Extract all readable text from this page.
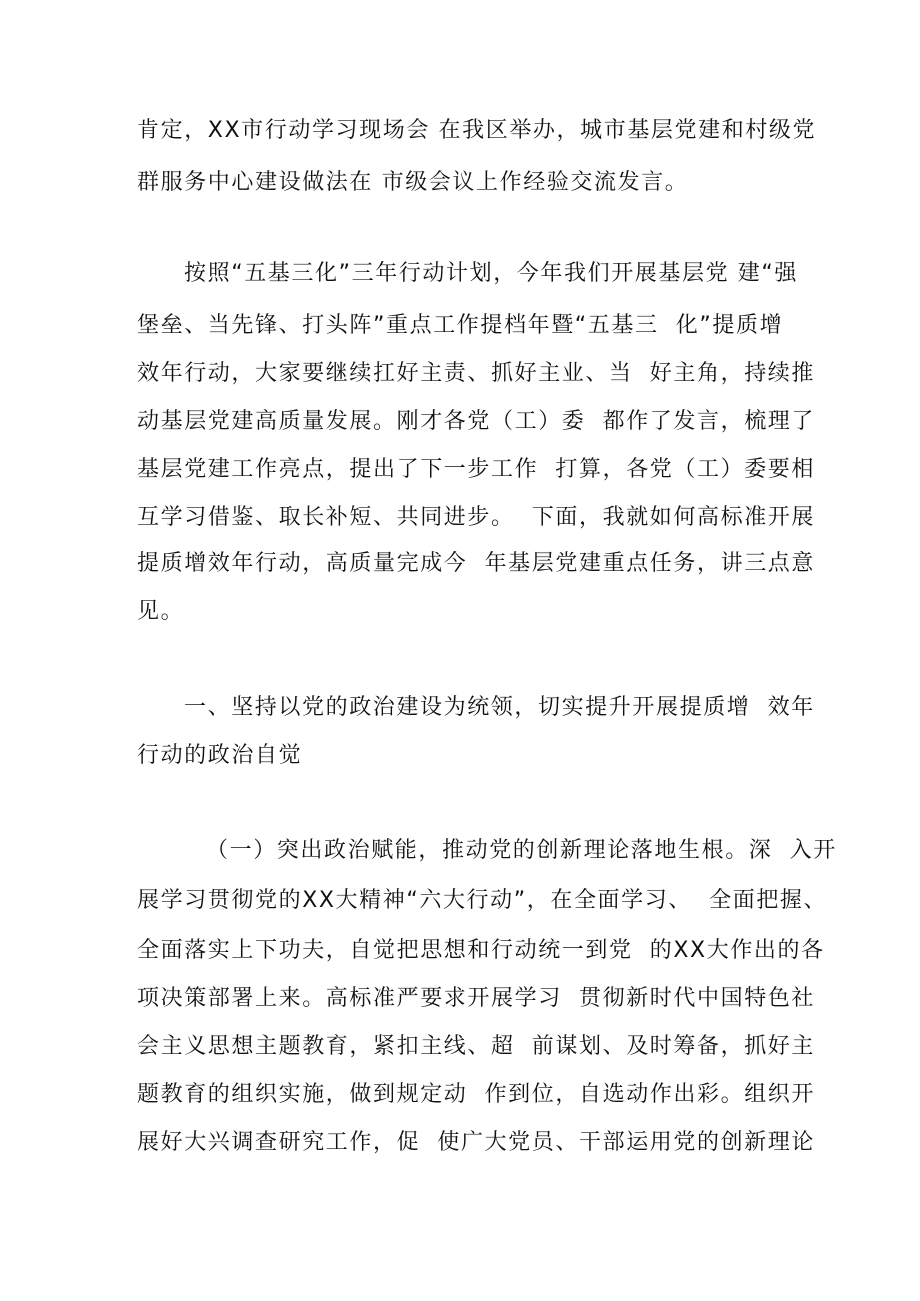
肯定，XX市行动学习现场会 在我区举办，城市基层党建和村级党
群服务中心建设做法在 市级会议上作经验交流发言。
按照“五基三化”三年行动计划，今年我们开展基层党 建“强
堡垒、当先锋、打头阵”重点工作提档年暨“五基三  化”提质增
效年行动，大家要继续扛好主责、抓好主业、当  好主角，持续推
动基层党建高质量发展。刚才各党（工）委  都作了发言，梳理了
基层党建工作亮点，提出了下一步工作  打算，各党（工）委要相
互学习借鉴、取长补短、共同进步。  下面，我就如何高标准开展
提质增效年行动，高质量完成今  年基层党建重点任务，讲三点意
见。
一、坚持以党的政治建设为统领，切实提升开展提质增  效年
行动的政治自觉
（一）突出政治赋能，推动党的创新理论落地生根。深  入开
展学习贯彻党的XX大精神“六大行动”，在全面学习、  全面把握、
全面落实上下功夫，自觉把思想和行动统一到党  的XX大作出的各
项决策部署上来。高标准严要求开展学习  贯彻新时代中国特色社
会主义思想主题教育，紧扣主线、超  前谋划、及时筹备，抓好主
题教育的组织实施，做到规定动  作到位，自选动作出彩。组织开
展好大兴调查研究工作，促  使广大党员、干部运用党的创新理论
